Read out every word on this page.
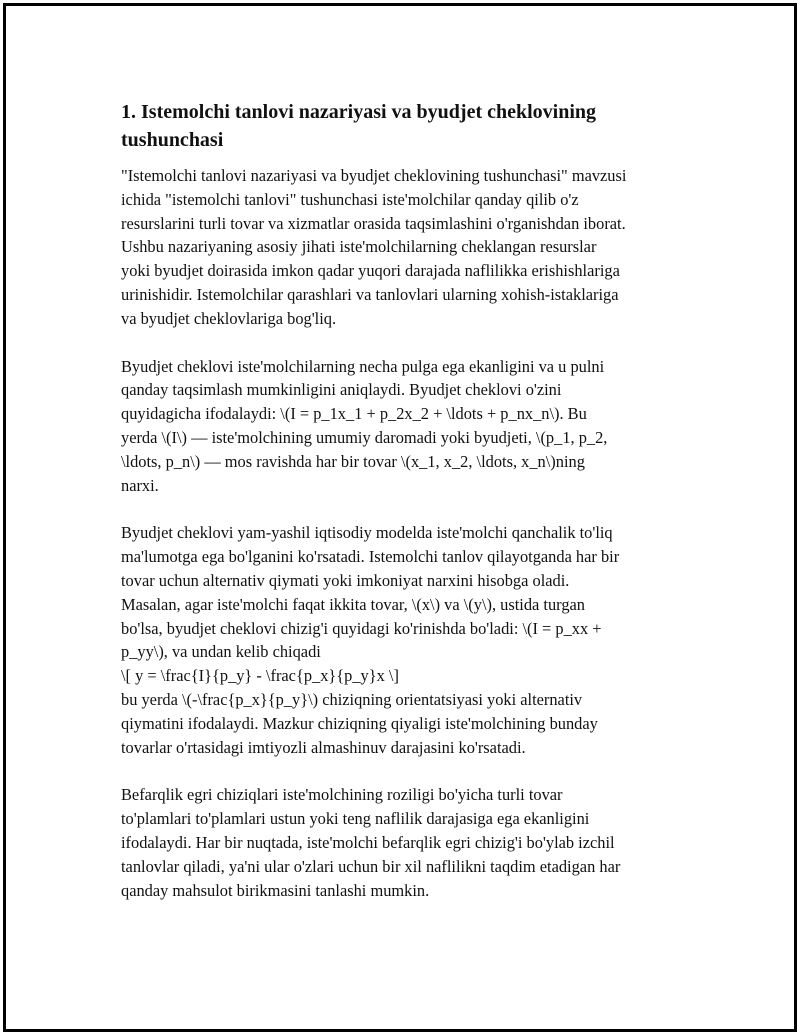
1. Istemolchi tanlovi nazariyasi va byudjet cheklovining tushunchasi

"Istemolchi tanlovi nazariyasi va byudjet cheklovining tushunchasi" mavzusi
ichida "istemolchi tanlovi" tushunchasi iste'molchilar qanday qilib o'z
resurslarini turli tovar va xizmatlar orasida taqsimlashini o'rganishdan iborat.
Ushbu nazariyaning asosiy jihati iste'molchilarning cheklangan resurslar
yoki byudjet doirasida imkon qadar yuqori darajada naflilikka erishishlariga
urinishidir. Istemolchilar qarashlari va tanlovlari ularning xohish-istaklariga
va byudjet cheklovlariga bog'liq.

Byudjet cheklovi iste'molchilarning necha pulga ega ekanligini va u pulni
qanday taqsimlash mumkinligini aniqlaydi. Byudjet cheklovi o'zini
quyidagicha ifodalaydi: \(I = p_1x_1 + p_2x_2 + \ldots + p_nx_n\). Bu
yerda \(I\) — iste'molchining umumiy daromadi yoki byudjeti, \(p_1, p_2,
\ldots, p_n\) — mos ravishda har bir tovar \(x_1, x_2, \ldots, x_n\)ning
narxi.

Byudjet cheklovi yam-yashil iqtisodiy modelda iste'molchi qanchalik to'liq
ma'lumotga ega bo'lganini ko'rsatadi. Istemolchi tanlov qilayotganda har bir
tovar uchun alternativ qiymati yoki imkoniyat narxini hisobga oladi.
Masalan, agar iste'molchi faqat ikkita tovar, \(x\) va \(y\), ustida turgan
bo'lsa, byudjet cheklovi chizig'i quyidagi ko'rinishda bo'ladi: \(I = p_xx +
p_yy\), va undan kelib chiqadi
\[ y = \frac{I}{p_y} - \frac{p_x}{p_y}x \]
bu yerda \(-\frac{p_x}{p_y}\) chiziqning orientatsiyasi yoki alternativ
qiymatini ifodalaydi. Mazkur chiziqning qiyaligi iste'molchining bunday
tovarlar o'rtasidagi imtiyozli almashinuv darajasini ko'rsatadi.

Befarqlik egri chiziqlari iste'molchining roziligi bo'yicha turli tovar
to'plamlari to'plamlari ustun yoki teng naflilik darajasiga ega ekanligini
ifodalaydi. Har bir nuqtada, iste'molchi befarqlik egri chizig'i bo'ylab izchil
tanlovlar qiladi, ya'ni ular o'zlari uchun bir xil naflilikni taqdim etadigan har
qanday mahsulot birikmasini tanlashi mumkin.
